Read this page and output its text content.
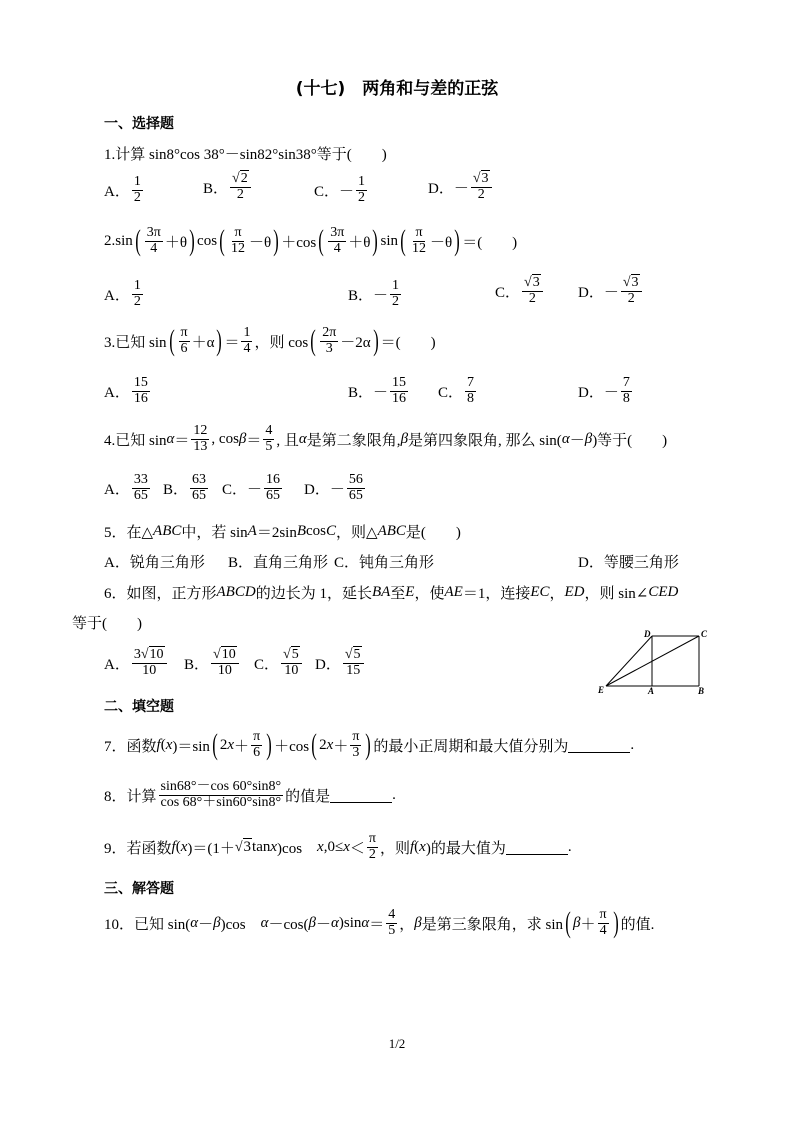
(十七)　两角和与差的正弦
一、选择题
1.计算 sin8°cos 38°－sin82°sin38°等于(　　)
A． $\frac{1}{2}$	B． $\frac{√2}{2}$	C．－ $\frac{1}{2}$	D．－ $\frac{√3}{2}$
2.sin ( $\frac{3\pi}{4} +\theta$ ) cos ( $\frac{\pi}{12} -\theta$ ) ＋cos ( $\frac{3\pi}{4} +\theta$ ) sin ( $\frac{\pi}{12} -\theta$ ) ＝(　　)
A． $\frac{1}{2}$	B．－ $\frac{1}{2}$	C． $\frac{√3}{2}$ D．－ $\frac{√3}{2}$
3.已知 sin ( $\frac{\pi}{6} +\alpha$ ) ＝ $\frac{1}{4}$ ，则 cos ( $\frac{2\pi}{3} -2\alpha$ ) ＝(　　)
A． $\frac{15}{16}$	B．－ $\frac{15}{16}$ C． $\frac{7}{8}$	D．－ $\frac{7}{8}$
4.已知 $\sin \alpha = \frac{12}{13}$ , $\cos \beta = \frac{4}{5}$ , 且 α 是第二象限角, β 是第四象限角, 那么 sin( α － β )等于(　　)
A． $\frac{33}{65}$ B． $\frac{63}{65}$ C．－ $\frac{16}{65}$ D．－ $\frac{56}{65}$
5．在△ ABC 中，若 sin A ＝2sin B cos C ，则△ ABC 是(　　)
A．锐角三角形 B．直角三角形 C．钝角三角形	D．等腰三角形
6．如图，正方形 ABCD 的边长为 1，延长 BA 至 E ，使 AE ＝1，连接 EC ， ED ，则 sin∠ CED
等于(　　)
A． $\frac{3√10}{10}$ B． $\frac{√10}{10}$ C． $\frac{√5}{10}$ D． $\frac{√5}{15}$
D	C
E	A	B
二、填空题
7．函数 f ( x )＝sin ( 2 $x + \frac{\pi}{6}$ ) ＋cos ( 2 $x + \frac{\pi}{3}$ ) 的最小正周期和最大值分别为	.
8．计算 $\frac{\sin 68^\circ-\cos 60^\circ\sin 8^\circ}{\cos 68^\circ+\sin 60^\circ\sin 8^\circ}$ 的值是	.
9．若函数 f ( x )＝(1＋ √3 tan x )cos　 x $,0\le x < \frac{\pi}{2}$ ，则 f ( x )的最大值为	.
三、解答题
10．已知 sin( α － β )cos　 α －cos( β － α )sin $\alpha = \frac{4}{5}$ ， β 是第三象限角，求 sin ( $\beta + \frac{\pi}{4}$ ) 的值.
1/2
